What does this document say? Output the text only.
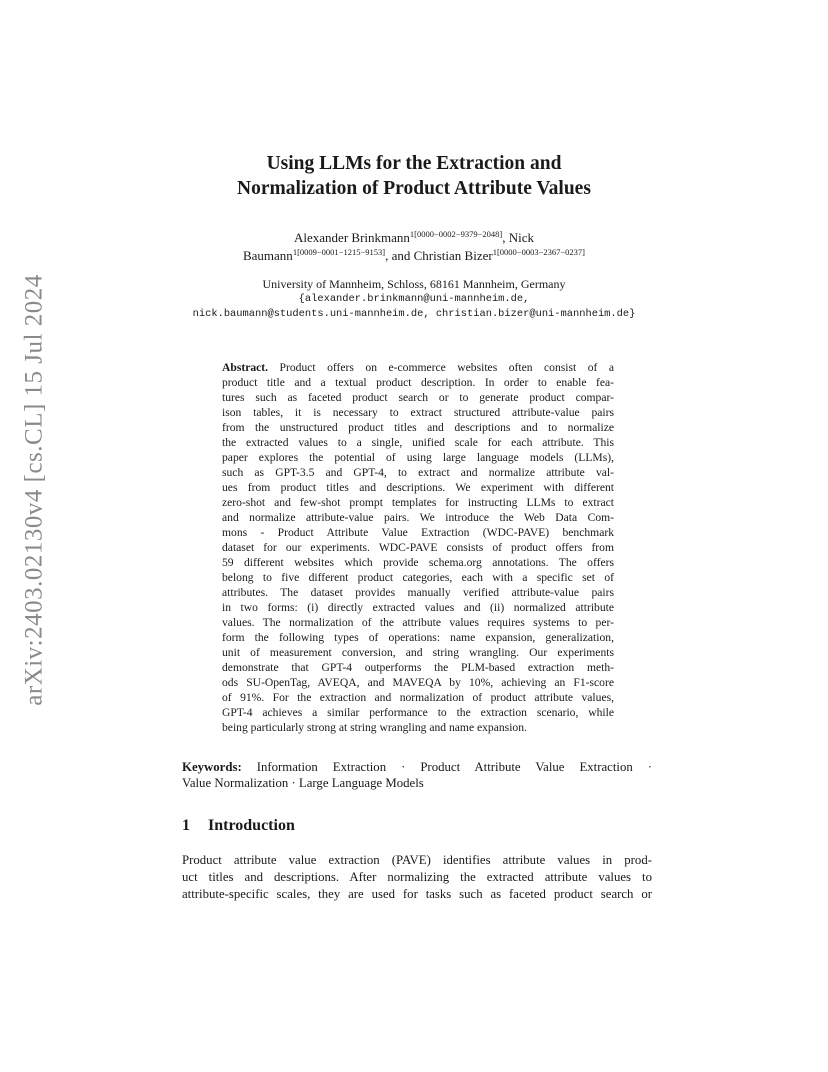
arXiv:2403.02130v4 [cs.CL] 15 Jul 2024
Using LLMs for the Extraction and
Normalization of Product Attribute Values
Alexander Brinkmann$^{1[0000-0002-9379-2048]}$, Nick
Baumann$^{1[0009-0001-1215-9153]}$, and Christian Bizer$^{1[0000-0003-2367-0237]}$
University of Mannheim, Schloss, 68161 Mannheim, Germany
{alexander.brinkmann@uni-mannheim.de,
nick.baumann@students.uni-mannheim.de, christian.bizer@uni-mannheim.de}
Abstract. Product offers on e-commerce websites often consist of a
product title and a textual product description. In order to enable fea-
tures such as faceted product search or to generate product compar-
ison tables, it is necessary to extract structured attribute-value pairs
from the unstructured product titles and descriptions and to normalize
the extracted values to a single, unified scale for each attribute. This
paper explores the potential of using large language models (LLMs),
such as GPT-3.5 and GPT-4, to extract and normalize attribute val-
ues from product titles and descriptions. We experiment with different
zero-shot and few-shot prompt templates for instructing LLMs to extract
and normalize attribute-value pairs. We introduce the Web Data Com-
mons - Product Attribute Value Extraction (WDC-PAVE) benchmark
dataset for our experiments. WDC-PAVE consists of product offers from
59 different websites which provide schema.org annotations. The offers
belong to five different product categories, each with a specific set of
attributes. The dataset provides manually verified attribute-value pairs
in two forms: (i) directly extracted values and (ii) normalized attribute
values. The normalization of the attribute values requires systems to per-
form the following types of operations: name expansion, generalization,
unit of measurement conversion, and string wrangling. Our experiments
demonstrate that GPT-4 outperforms the PLM-based extraction meth-
ods SU-OpenTag, AVEQA, and MAVEQA by 10%, achieving an F1-score
of 91%. For the extraction and normalization of product attribute values,
GPT-4 achieves a similar performance to the extraction scenario, while
being particularly strong at string wrangling and name expansion.
Keywords: Information Extraction · Product Attribute Value Extraction ·
Value Normalization · Large Language Models
1 Introduction
Product attribute value extraction (PAVE) identifies attribute values in prod-
uct titles and descriptions. After normalizing the extracted attribute values to
attribute-specific scales, they are used for tasks such as faceted product search or
